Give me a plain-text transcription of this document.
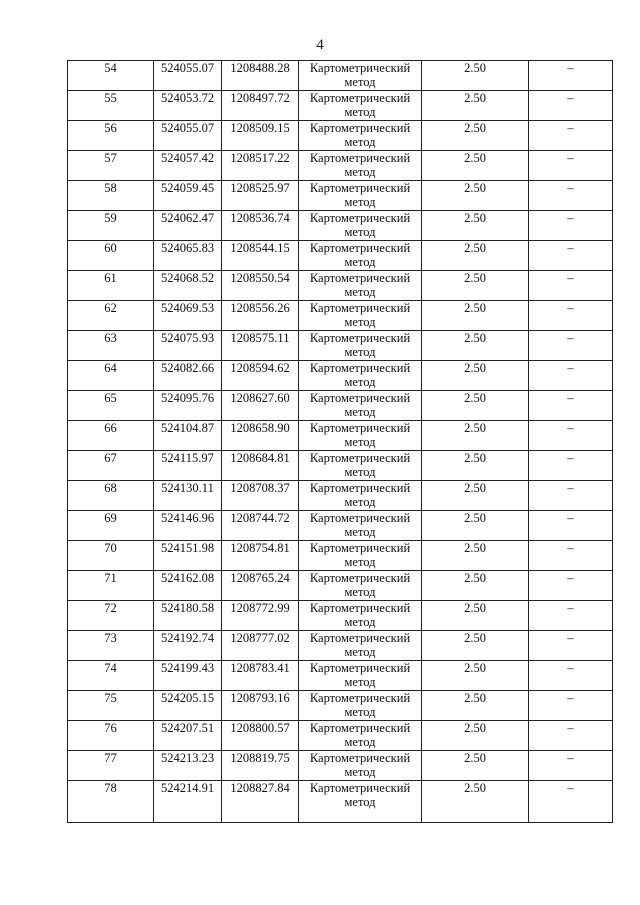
4
54	524055.07	1208488.28	Картометрический метод	2.50	–
55	524053.72	1208497.72	Картометрический метод	2.50	–
56	524055.07	1208509.15	Картометрический метод	2.50	–
57	524057.42	1208517.22	Картометрический метод	2.50	–
58	524059.45	1208525.97	Картометрический метод	2.50	–
59	524062.47	1208536.74	Картометрический метод	2.50	–
60	524065.83	1208544.15	Картометрический метод	2.50	–
61	524068.52	1208550.54	Картометрический метод	2.50	–
62	524069.53	1208556.26	Картометрический метод	2.50	–
63	524075.93	1208575.11	Картометрический метод	2.50	–
64	524082.66	1208594.62	Картометрический метод	2.50	–
65	524095.76	1208627.60	Картометрический метод	2.50	–
66	524104.87	1208658.90	Картометрический метод	2.50	–
67	524115.97	1208684.81	Картометрический метод	2.50	–
68	524130.11	1208708.37	Картометрический метод	2.50	–
69	524146.96	1208744.72	Картометрический метод	2.50	–
70	524151.98	1208754.81	Картометрический метод	2.50	–
71	524162.08	1208765.24	Картометрический метод	2.50	–
72	524180.58	1208772.99	Картометрический метод	2.50	–
73	524192.74	1208777.02	Картометрический метод	2.50	–
74	524199.43	1208783.41	Картометрический метод	2.50	–
75	524205.15	1208793.16	Картометрический метод	2.50	–
76	524207.51	1208800.57	Картометрический метод	2.50	–
77	524213.23	1208819.75	Картометрический метод	2.50	–
78	524214.91	1208827.84	Картометрический метод	2.50	–
